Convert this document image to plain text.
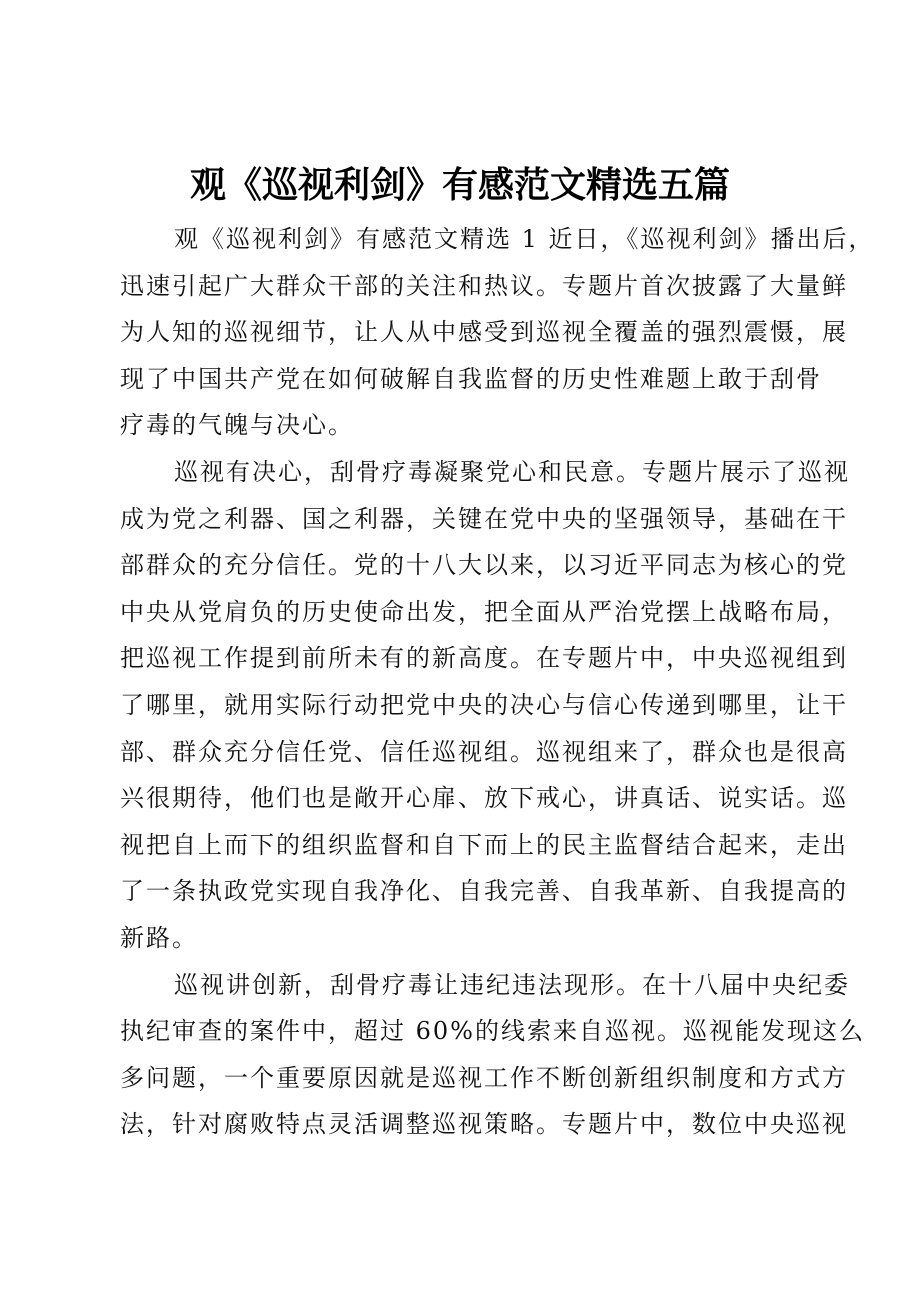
观《巡视利剑》有感范文精选五篇
观《巡视利剑》有感范文精选 1 近日，《巡视利剑》播出后，
迅速引起广大群众干部的关注和热议。专题片首次披露了大量鲜
为人知的巡视细节，让人从中感受到巡视全覆盖的强烈震慑，展
现了中国共产党在如何破解自我监督的历史性难题上敢于刮骨
疗毒的气魄与决心。
巡视有决心，刮骨疗毒凝聚党心和民意。专题片展示了巡视
成为党之利器、国之利器，关键在党中央的坚强领导，基础在干
部群众的充分信任。党的十八大以来，以习近平同志为核心的党
中央从党肩负的历史使命出发，把全面从严治党摆上战略布局，
把巡视工作提到前所未有的新高度。在专题片中，中央巡视组到
了哪里，就用实际行动把党中央的决心与信心传递到哪里，让干
部、群众充分信任党、信任巡视组。巡视组来了，群众也是很高
兴很期待，他们也是敞开心扉、放下戒心，讲真话、说实话。巡
视把自上而下的组织监督和自下而上的民主监督结合起来，走出
了一条执政党实现自我净化、自我完善、自我革新、自我提高的
新路。
巡视讲创新，刮骨疗毒让违纪违法现形。在十八届中央纪委
执纪审查的案件中，超过 60%的线索来自巡视。巡视能发现这么
多问题，一个重要原因就是巡视工作不断创新组织制度和方式方
法，针对腐败特点灵活调整巡视策略。专题片中，数位中央巡视
